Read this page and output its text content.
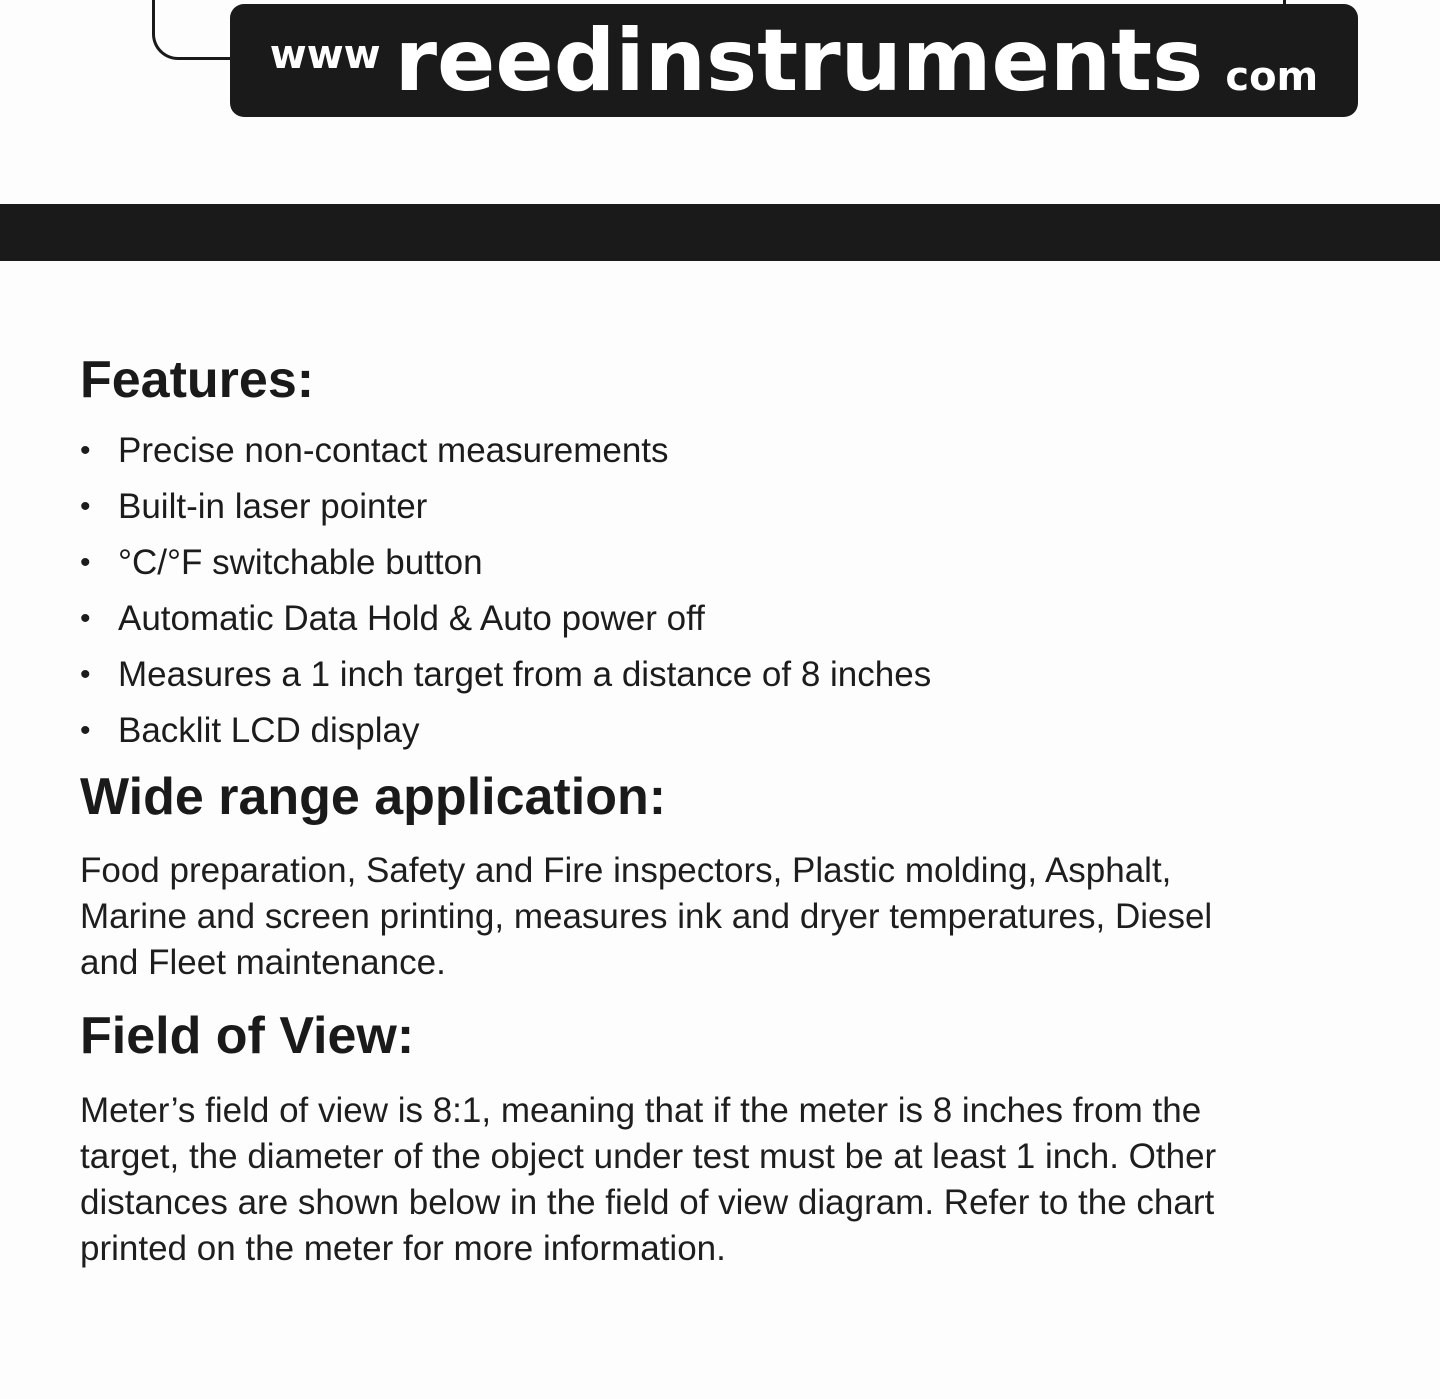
www reedinstruments com
Features:
• Precise non-contact measurements
• Built-in laser pointer
• °C/°F switchable button
• Automatic Data Hold & Auto power off
• Measures a 1 inch target from a distance of 8 inches
• Backlit LCD display
Wide range application:

Food preparation, Safety and Fire inspectors, Plastic molding, Asphalt,
Marine and screen printing, measures ink and dryer temperatures, Diesel
and Fleet maintenance.

Field of View:

Meter’s field of view is 8:1, meaning that if the meter is 8 inches from the
target, the diameter of the object under test must be at least 1 inch. Other
distances are shown below in the field of view diagram. Refer to the chart
printed on the meter for more information.
